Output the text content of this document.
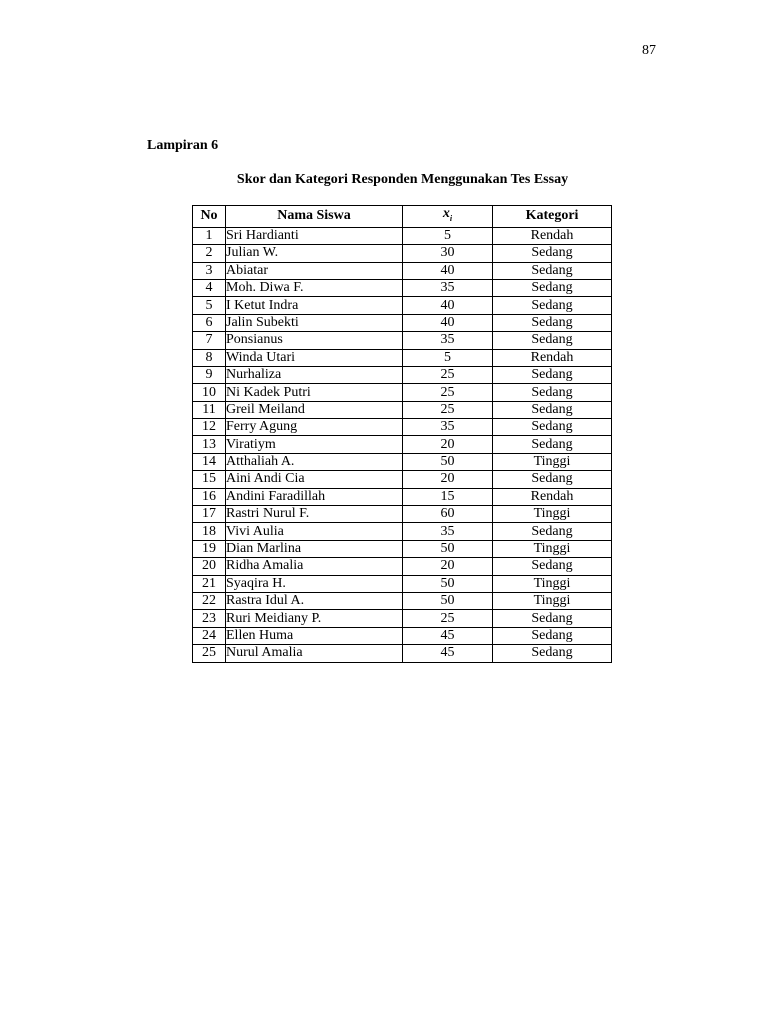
87
Lampiran 6
Skor dan Kategori Responden Menggunakan Tes Essay
No	Nama Siswa	$x_i$	Kategori
1	Sri Hardianti	5	Rendah
2	Julian W.	30	Sedang
3	Abiatar	40	Sedang
4	Moh. Diwa F.	35	Sedang
5	I Ketut Indra	40	Sedang
6	Jalin Subekti	40	Sedang
7	Ponsianus	35	Sedang
8	Winda Utari	5	Rendah
9	Nurhaliza	25	Sedang
10	Ni Kadek Putri	25	Sedang
11	Greil Meiland	25	Sedang
12	Ferry Agung	35	Sedang
13	Viratiym	20	Sedang
14	Atthaliah A.	50	Tinggi
15	Aini Andi Cia	20	Sedang
16	Andini Faradillah	15	Rendah
17	Rastri Nurul F.	60	Tinggi
18	Vivi Aulia	35	Sedang
19	Dian Marlina	50	Tinggi
20	Ridha Amalia	20	Sedang
21	Syaqira H.	50	Tinggi
22	Rastra Idul A.	50	Tinggi
23	Ruri Meidiany P.	25	Sedang
24	Ellen Huma	45	Sedang
25	Nurul Amalia	45	Sedang
